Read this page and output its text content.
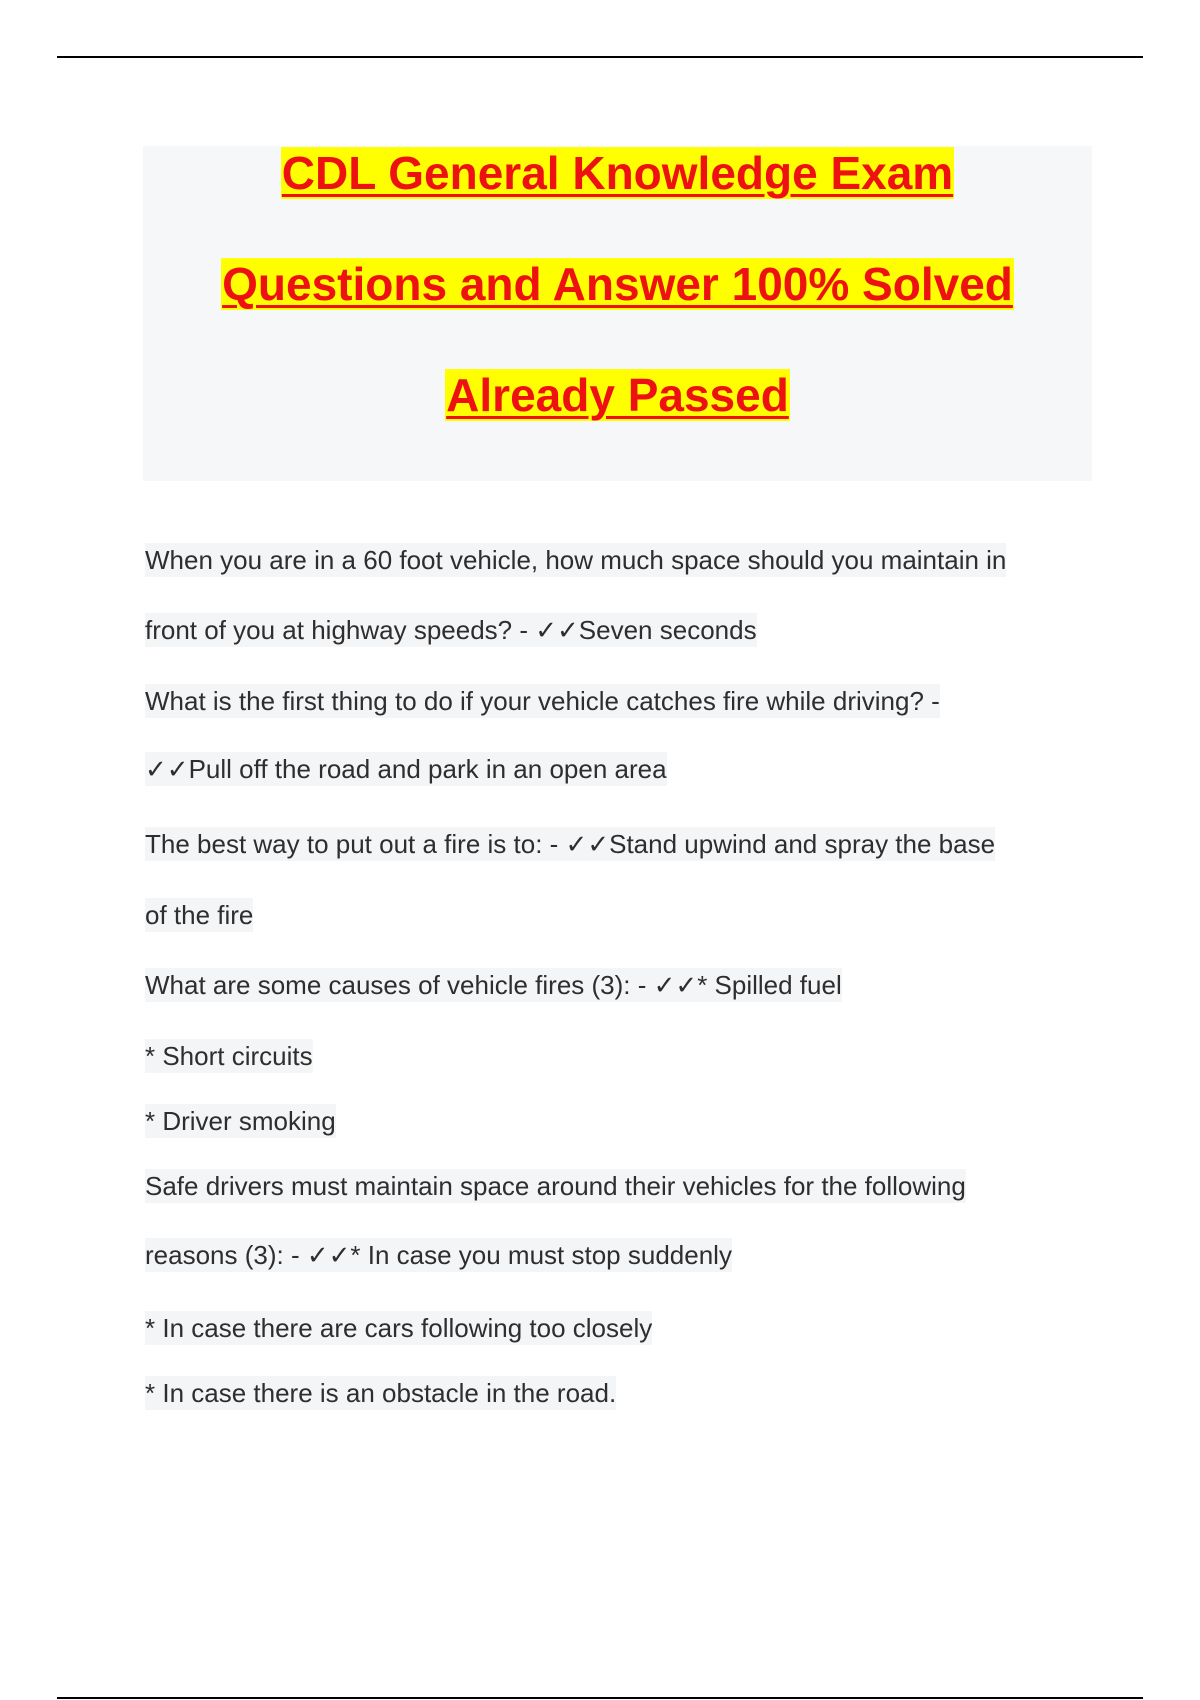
CDL General Knowledge Exam
Questions and Answer 100% Solved
Already Passed
When you are in a 60 foot vehicle, how much space should you maintain in
front of you at highway speeds? - ✓✓Seven seconds
What is the first thing to do if your vehicle catches fire while driving? -
✓✓Pull off the road and park in an open area
The best way to put out a fire is to: - ✓✓Stand upwind and spray the base
of the fire
What are some causes of vehicle fires (3): - ✓✓* Spilled fuel
* Short circuits
* Driver smoking
Safe drivers must maintain space around their vehicles for the following
reasons (3): - ✓✓* In case you must stop suddenly
* In case there are cars following too closely
* In case there is an obstacle in the road.
